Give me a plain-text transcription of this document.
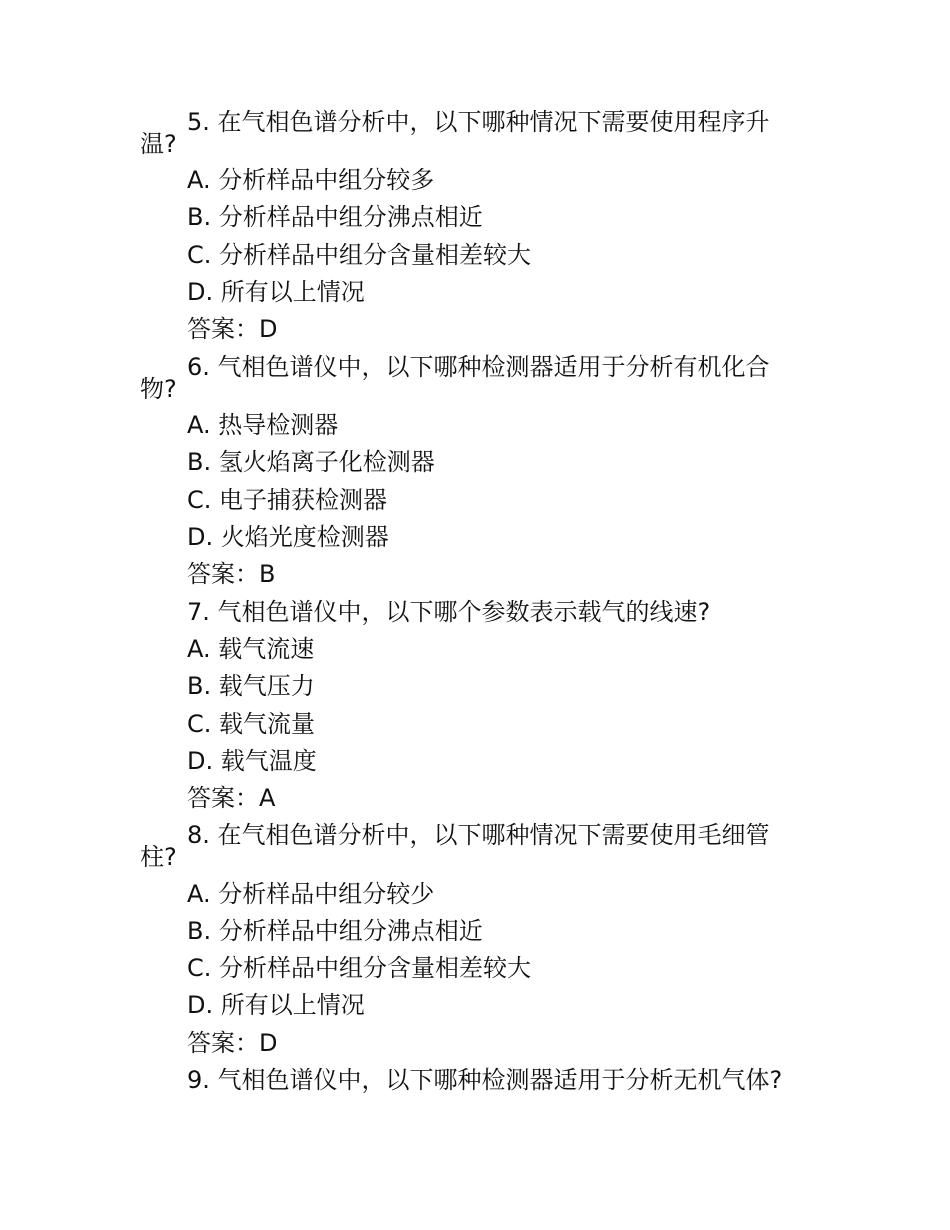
5. 在气相色谱分析中，以下哪种情况下需要使用程序升
温?
A. 分析样品中组分较多
B. 分析样品中组分沸点相近
C. 分析样品中组分含量相差较大
D. 所有以上情况
答案：D
6. 气相色谱仪中，以下哪种检测器适用于分析有机化合
物?
A. 热导检测器
B. 氢火焰离子化检测器
C. 电子捕获检测器
D. 火焰光度检测器
答案：B
7. 气相色谱仪中，以下哪个参数表示载气的线速?
A. 载气流速
B. 载气压力
C. 载气流量
D. 载气温度
答案：A
8. 在气相色谱分析中，以下哪种情况下需要使用毛细管
柱?
A. 分析样品中组分较少
B. 分析样品中组分沸点相近
C. 分析样品中组分含量相差较大
D. 所有以上情况
答案：D
9. 气相色谱仪中，以下哪种检测器适用于分析无机气体?
